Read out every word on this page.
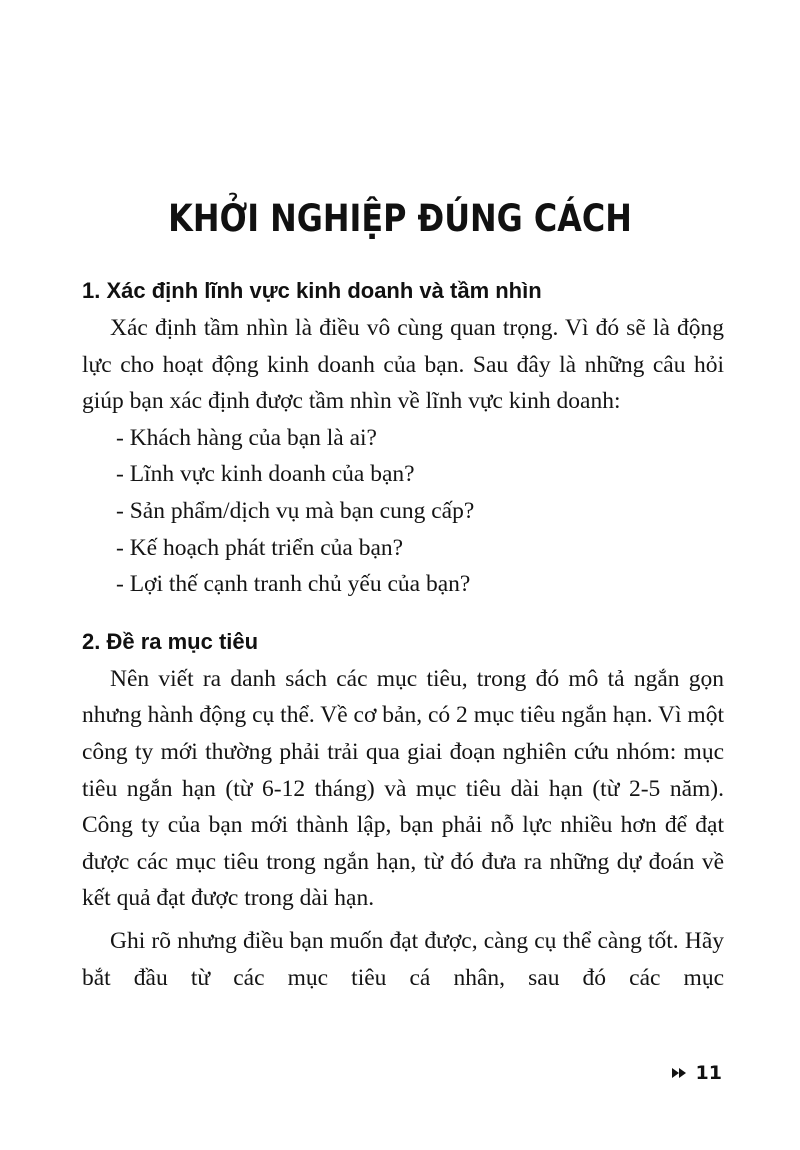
KHỞI NGHIỆP ĐÚNG CÁCH
1. Xác định lĩnh vực kinh doanh và tầm nhìn

Xác định tầm nhìn là điều vô cùng quan trọng. Vì đó sẽ là động lực cho hoạt động kinh doanh của bạn. Sau đây là những câu hỏi giúp bạn xác định được tầm nhìn về lĩnh vực kinh doanh:

- Khách hàng của bạn là ai?
- Lĩnh vực kinh doanh của bạn?
- Sản phẩm/dịch vụ mà bạn cung cấp?
- Kế hoạch phát triển của bạn?
- Lợi thế cạnh tranh chủ yếu của bạn?
2. Đề ra mục tiêu

Nên viết ra danh sách các mục tiêu, trong đó mô tả ngắn gọn nhưng hành động cụ thể. Về cơ bản, có 2 mục tiêu ngắn hạn. Vì một công ty mới thường phải trải qua giai đoạn nghiên cứu nhóm: mục tiêu ngắn hạn (từ 6-12 tháng) và mục tiêu dài hạn (từ 2-5 năm). Công ty của bạn mới thành lập, bạn phải nỗ lực nhiều hơn để đạt được các mục tiêu trong ngắn hạn, từ đó đưa ra những dự đoán về kết quả đạt được trong dài hạn.

Ghi rõ nhưng điều bạn muốn đạt được, càng cụ thể càng tốt. Hãy bắt đầu từ các mục tiêu cá nhân, sau đó các mục

11
